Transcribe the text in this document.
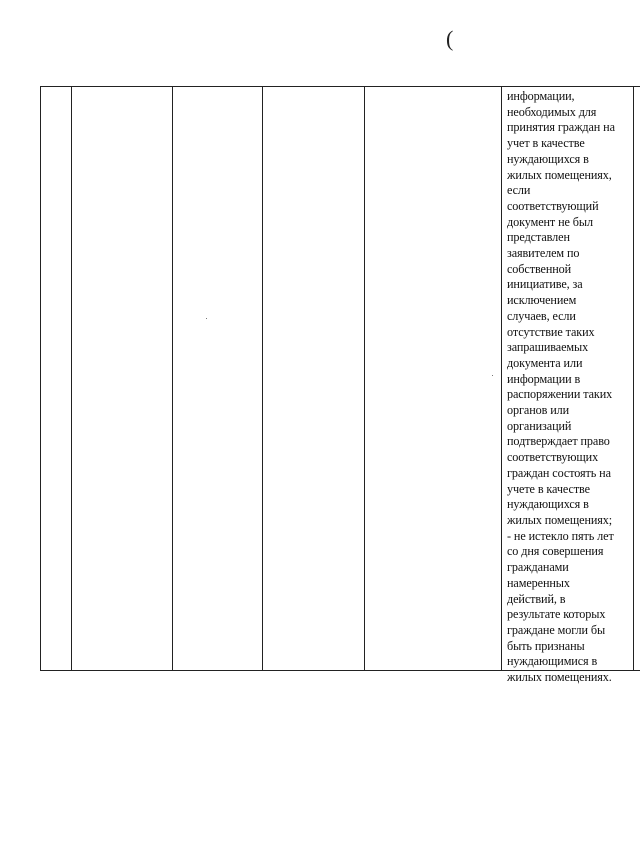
(
информации,
необходимых для
принятия граждан на
учет в качестве
нуждающихся в
жилых помещениях,
если
соответствующий
документ не был
представлен
заявителем по
собственной
инициативе, за
исключением
случаев, если
отсутствие таких
запрашиваемых
документа или
информации в
распоряжении таких
органов или
организаций
подтверждает право
соответствующих
граждан состоять на
учете в качестве
нуждающихся в
жилых помещениях;
- не истекло пять лет
со дня совершения
гражданами
намеренных
действий, в
результате которых
граждане могли бы
быть признаны
нуждающимися в
жилых помещениях.
